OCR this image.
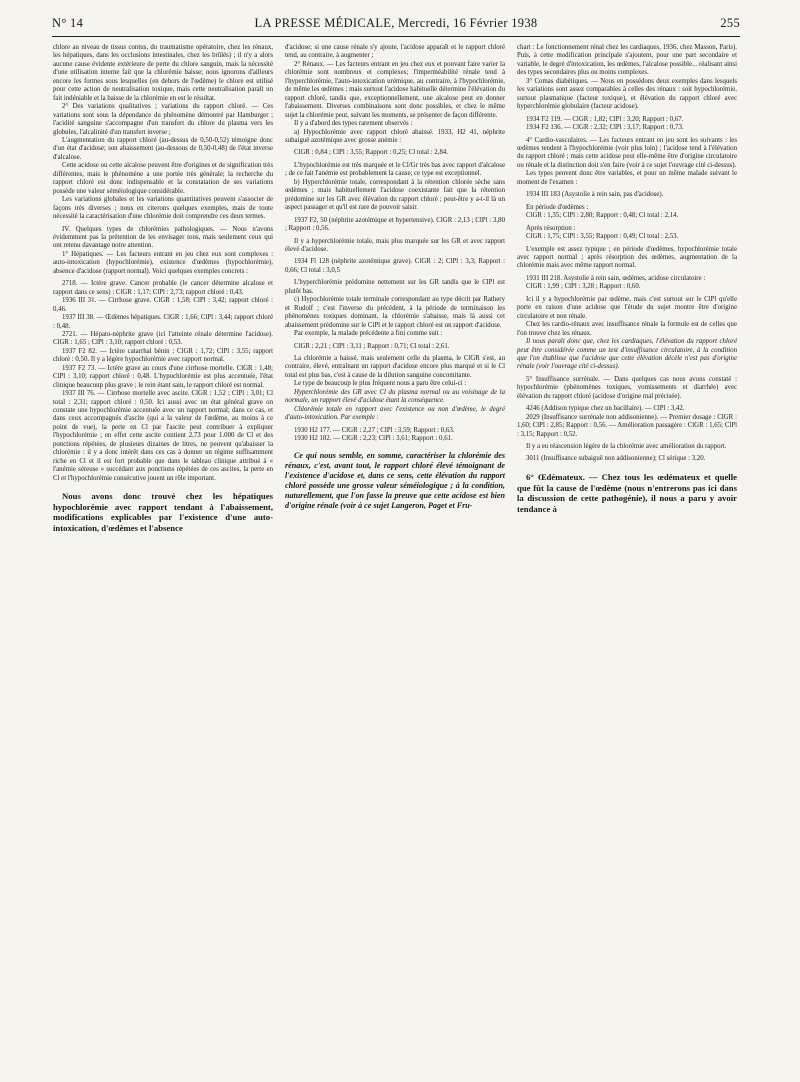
N° 14	LA PRESSE MÉDICALE, Mercredi, 16 Février 1938	255

chlore au niveau de tissus contus, du traumatisme opératoire, chez les rénaux, les hépatiques, dans les occlusions intestinales, chez les brûlés) ; il n'y a alors aucune cause évidente extérieure de perte du chlore sanguin, mais la nécessité d'une utilisation interne fait que la chlorémie baisse; nous ignorons d'ailleurs encore les formes sous lesquelles (en dehors de l'œdème) le chlore est utilisé pour cette action de neutralisation toxique, mais cette neutralisation paraît un fait indéniable et la baisse de la chlorémie en est le résultat.

2° Des variations qualitatives ; variations du rapport chloré. — Ces variations sont sous la dépendance du phénomène démontré par Hamburger ; l'acidité sanguine s'accompagne d'un transfert du chlore du plasma vers les globules, l'alcalinité d'un transfert inverse ;

L'augmentation du rapport chloré (au-dessus de 0,50-0,52) témoigne donc d'un état d'acidose; son abaissement (au-dessous de 0,50-0,48) de l'état inverse d'alcalose.

Cette acidose ou cette alcalose peuvent être d'origines et de signification très différentes, mais le phénomène a une portée très générale; la recherche du rapport chloré est donc indispensable et la constatation de ses variations possède une valeur séméiologique considérable.

Les variations globales et les variations quantitatives peuvent s'associer de façons très diverses ; nous en citerons quelques exemples, mais de toute nécessité la caractérisation d'une chlorémie doit comprendre ces deux termes.

IV. Quelques types de chlorémies pathologiques. — Nous n'avons évidemment pas la prétention de les envisager tous, mais seulement ceux qui ont retenu davantage notre attention.

1° Hépatiques. — Les facteurs entrant en jeu chez eux sont complexes : auto-intoxication (hypochlorémie), existence d'œdèmes (hypochlorémie), absence d'acidose (rapport normal). Voici quelques exemples concrets :

2718. — Ictère grave. Cancer probable (le cancer détermine alcalose et rapport dans ce sens) : ClGR : 1,17; ClPl : 2,73; rapport chloré : 0,43.

1936 III 31. — Cirrhose grave. ClGR : 1,58; ClPl : 3,42; rapport chloré : 0,46.

1937 III 38. — Œdèmes hépatiques. ClGR : 1,66; ClPl : 3,44; rapport chloré : 0,48.

2721. — Hépato-néphrite grave (ici l'atteinte rénale détermine l'acidose). ClGR : 1,65 ; ClPl : 3,10; rapport chloré : 0,53.

1937 F2 82. — Ictère catarrhal bénin : ClGR : 1,72; ClPl : 3,55; rapport chloré : 0,50. Il y a légère hypochlorémie avec rapport normal.

1937 F2 73. — Ictère grave au cours d'une cirrhose mortelle. ClGR : 1,48; ClPl : 3,10; rapport chloré : 0,48. L'hypochlorémie est plus accentuée, l'état clinique beaucoup plus grave ; le rein étant sain, le rapport chloré est normal.

1937 III 76. — Cirrhose mortelle avec ascite. ClGR : 1,52 ; ClPl : 3,01; Cl total : 2,31; rapport chloré : 0,50. Ici aussi avec un état général grave on constate une hypochlorémie accentuée avec un rapport normal; dans ce cas, et dans ceux accompagnés d'ascite (qui a la valeur de l'œdème, au moins à ce point de vue), la perte en Cl par l'ascite peut contribuer à expliquer l'hypochlorémie ; en effet cette ascite contient 2,73 pour 1.000 de Cl et des ponctions répétées, de plusieurs dizaines de litres, ne peuvent qu'abaisser la chlorémie : il y a donc intérêt dans ces cas à donner un régime suffisamment riche en Cl et il est fort probable que dans le tableau clinique attribué à « l'anémie séreuse » succédant aux ponctions répétées de ces ascites, la perte en Cl et l'hypochlorémie consécutive jouent un rôle important.

Nous avons donc trouvé chez les hépatiques hypochlorémie avec rapport tendant à l'abaissement, modifications explicables par l'existence d'une auto-intoxication, d'œdèmes et l'absence

d'acidose; si une cause rénale s'y ajoute, l'acidose apparaît et le rapport chloré tend, au contraire, à augmenter ;

2° Rénaux. — Les facteurs entrant en jeu chez eux et pouvant faire varier la chlorémie sont nombreux et complexes; l'imperméabilité rénale tend à l'hyperchlorémie, l'auto-intoxication urémique, au contraire, à l'hypochlorémie, de même les œdèmes ; mais surtout l'acidose habituelle détermine l'élévation du rapport chloré, tandis que, exceptionnellement, une alcalose peut en donner l'abaissement. Diverses combinaisons sont donc possibles, et chez le même sujet la chlorémie peut, suivant les moments, se présenter de façon différente.

Il y a d'abord des types rarement observés :

a) Hypochlorémie avec rapport chloré abaissé. 1933, H2 41, néphrite subaiguë azotémique avec grosse anémie :

ClGR : 0,84 ; ClPl : 3,55; Rapport : 0,25; Cl total : 2,84.

L'hypochlorémie est très marquée et le Cl/Gr très bas avec rapport d'alcalose ; de ce fait l'anémie est probablement la cause; ce type est exceptionnel.

b) Hyperchlorémie totale, correspondant à la rétention chlorée sèche sans œdèmes ; mais habituellement l'acidose coexistante fait que la rétention prédomine sur les GR avec élévation du rapport chloré ; peut-être y a-t-il là un aspect passager et qu'il est rare de pouvoir saisir.

1937 F2, 50 (néphrite azotémique et hypertensive). ClGR : 2,13 ; ClPl : 3,80 ; Rapport : 0,56.

Il y a hyperchlorémie totale, mais plus marquée sur les GR et avec rapport élevé d'acidose.

1934 Fl 128 (néphrite azotémique grave). ClGR : 2; ClPl : 3,3; Rapport : 0,66; Cl total : 3,0,5

L'hyperchlorémie prédomine nettement sur les GR tandis que le ClPl est plutôt bas.

c) Hypochlorémie totale terminale correspondant au type décrit par Rathery et Rudolf ; c'est l'inverse du précédent, à la période de terminaison les phénomènes toxiques dominant, la chlorémie s'abaisse, mais là aussi cet abaissement prédomine sur le ClPl et le rapport chloré est un rapport d'acidose.

Par exemple, la malade précédente a fini comme suit :

ClGR : 2,21 ; ClPl : 3,11 ; Rapport : 0,71; Cl total : 2,61.

La chlorémie a baissé, mais seulement celle du plasma, le ClGR s'est, au contraire, élevé, entraînant un rapport d'acidose encore plus marqué et si le Cl total est plus bas, c'est à cause de la dilution sanguine concomitante.

Le type de beaucoup le plus fréquent nous a paru être celui-ci :

Hyperchlorémie des GR avec Cl du plasma normal ou au voisinage de la normale, un rapport élevé d'acidose étant la conséquence.

Chlorémie totale en rapport avec l'existence ou non d'œdème, le degré d'auto-intoxication. Par exemple :

1930 H2 177. — ClGR : 2,27 ; ClPl : 3,59; Rapport : 0,63.

1930 H2 182. — ClGR : 2,23; ClPl : 3,61; Rapport : 0,61.

Ce qui nous semble, en somme, caractériser la chlorémie des rénaux, c'est, avant tout, le rapport chloré élevé témoignant de l'existence d'acidose et, dans ce sens, cette élévation du rapport chloré possède une grosse valeur séméiologique ; à la condition, naturellement, que l'on fasse la preuve que cette acidose est bien d'origine rénale (voir à ce sujet Langeron, Paget et Fru-

chart : Le fonctionnement rénal chez les cardiaques, 1936, chez Masson, Paris). Puis, à cette modification principale s'ajoutent, pour une part secondaire et variable, le degré d'intoxication, les œdèmes, l'alcalose possible... réalisant ainsi des types secondaires plus ou moins complexes.

3° Comas diabétiques. — Nous en possédons deux exemples dans lesquels les variations sont assez comparables à celles des rénaux : soit hypochlorémie, surtout plasmatique (facteur toxique), et élévation du rapport chloré avec hyperchlorémie globulaire (facteur acidose).

1934 F2 119. — ClGR : 1,82; ClPl : 3,20; Rapport : 0,67.

1934 F2 136. — ClGR : 2,32; ClPl : 3,17; Rapport : 0,73.

4° Cardio-vasculaires. — Les facteurs entrant en jeu sont les suivants : les œdèmes tendent à l'hypochlorémie (voir plus loin) ; l'acidose tend à l'élévation du rapport chloré ; mais cette acidose peut elle-même être d'origine circulatoire ou rénale et la distinction doit s'en faire (voir à ce sujet l'ouvrage cité ci-dessus).

Les types peuvent donc être variables, et pour un même malade suivant le moment de l'examen :

1934 III 183 (Asystolie à rein sain, pas d'acidose).

En période d'œdèmes :

ClGR : 1,35; ClPl : 2,80; Rapport : 0,48; Cl total : 2,14.

Après résorption :

ClGR : 1,75; ClPl : 3,55; Rapport : 0,49; Cl total : 2,53.

L'exemple est assez typique ; en période d'œdèmes, hypochlorémie totale avec rapport normal ; après résorption des œdèmes, augmentation de la chlorémie mais avec même rapport normal.

1931 III 218. Asystolie à rein sain, œdèmes, acidose circulatoire :

ClGR : 1,99 ; ClPl : 3,28 ; Rapport : 0,60.

Ici il y a hypochlorémie par œdème, mais c'est surtout sur le ClPl qu'elle porte en raison d'une acidose que l'étude du sujet montre être d'origine circulatoire et non rénale.

Chez les cardio-rénaux avec insuffisance rénale la formule est de celles que l'on trouve chez les rénaux.

Il nous paraît donc que, chez les cardiaques, l'élévation du rapport chloré peut être considérée comme un test d'insuffisance circulatoire, à la condition que l'on établisse que l'acidose que cette élévation décèle n'est pas d'origine rénale (voir l'ouvrage cité ci-dessus).

5° Insuffisance surrénale. — Dans quelques cas nous avons constaté : hypochlorémie (phénomènes toxiques, vomissements et diarrhée) avec élévation du rapport chloré (acidose d'origine mal précisée).

4246 (Addison typique chez un bacillaire). — ClPl : 3,42.

2029 (Insuffisance surrénale non addisonienne). — Premier dosage : ClGR : 1,60; ClPl : 2,85; Rapport : 0,56. — Amélioration passagère : ClGR : 1,65; ClPl : 3,15; Rapport : 0,52.

Il y a eu réascension légère de la chlorémie avec amélioration du rapport.

3011 (Insuffisance subaiguë non addisonienne); Cl sérique : 3,20.

6° Œdémateux. — Chez tous les œdémateux et quelle que fût la cause de l'œdème (nous n'entrerons pas ici dans la discussion de cette pathogénie), il nous a paru y avoir tendance à
